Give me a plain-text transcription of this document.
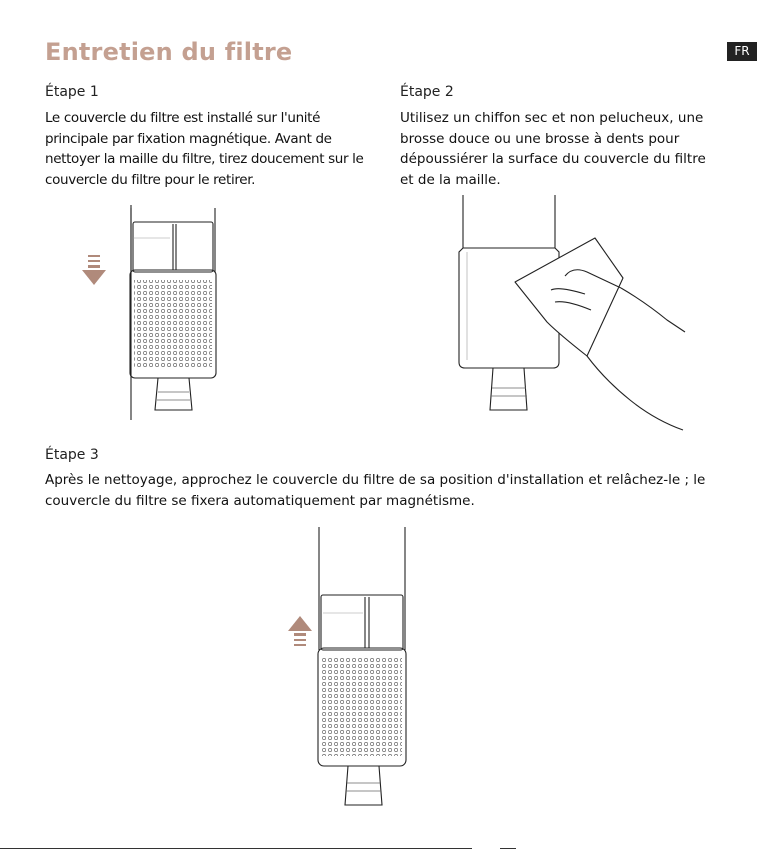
Entretien du filtre	FR
Étape 1
Le couvercle du filtre est installé sur l'unité principale par fixation magnétique. Avant de nettoyer la maille du filtre, tirez doucement sur le couvercle du filtre pour le retirer.
Étape 2
Utilisez un chiffon sec et non pelucheux, une brosse douce ou une brosse à dents pour dépoussiérer la surface du couvercle du filtre et de la maille.
Étape 3
Après le nettoyage, approchez le couvercle du filtre de sa position d'installation et relâchez-le ; le couvercle du filtre se fixera automatiquement par magnétisme.
